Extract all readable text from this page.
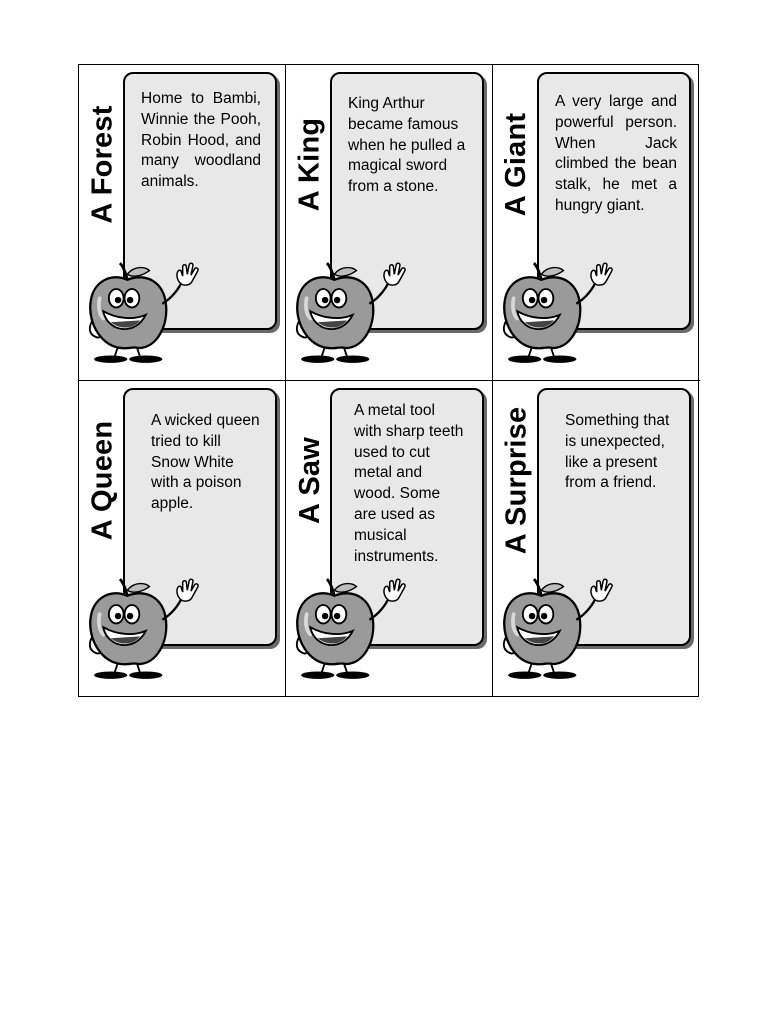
A Forest

Home to Bambi, Winnie the Pooh, Robin Hood, and many woodland animals.	A King

King Arthur became famous when he pulled a magical sword from a stone.	A Giant

A very large and powerful person. When Jack climbed the bean stalk, he met a hungry giant.

A Queen A wicked queen tried to kill Snow White with a poison apple.	A Saw

A metal tool with sharp teeth used to cut metal and wood. Some are used as musical instruments.

A Surprise Something that is unexpected, like a present from a friend.
